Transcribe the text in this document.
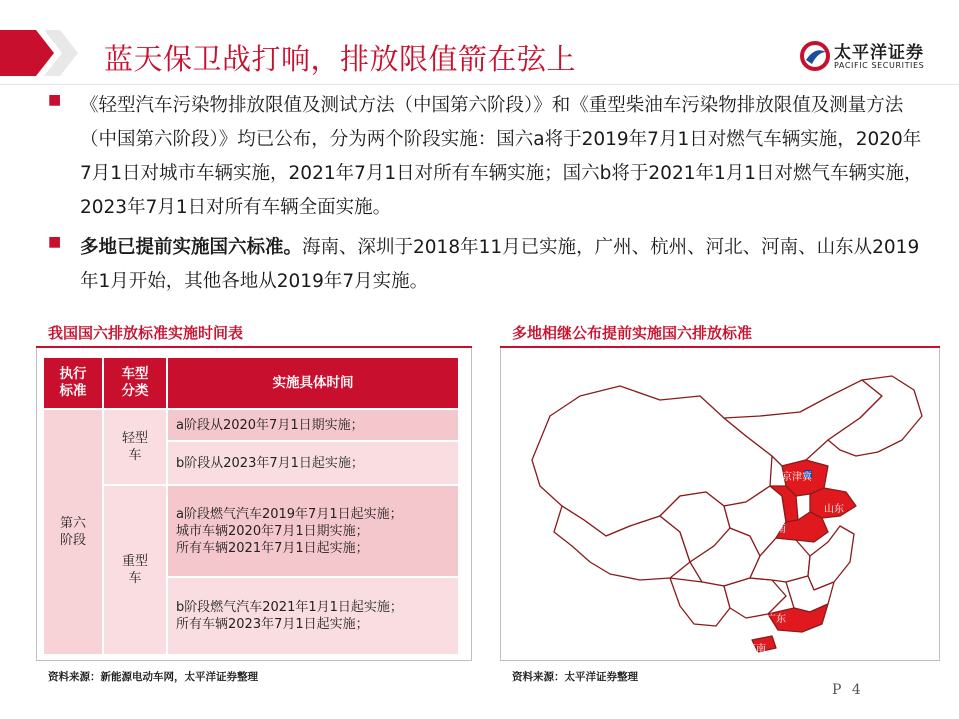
蓝天保卫战打响，排放限值箭在弦上	太平洋证券
PACIFIC SECURITIES
■ 《轻型汽车污染物排放限值及测试方法（中国第六阶段）》和《重型柴油车污染物排放限值及测量方法（中国第六阶段）》均已公布，分为两个阶段实施：国六a将于2019年7月1日对燃气车辆实施，2020年7月1日对城市车辆实施，2021年7月1日对所有车辆实施；国六b将于2021年1月1日对燃气车辆实施，2023年7月1日对所有车辆全面实施。
■ 多地已提前实施国六标准。海南、深圳于2018年11月已实施，广州、杭州、河北、河南、山东从2019年1月开始，其他各地从2019年7月实施。
我国国六排放标准实施时间表
执行标准
车型分类
实施具体时间
第六阶段
轻型车
重型车
a阶段从2020年7月1日期实施；
b阶段从2023年7月1日起实施；
a阶段燃气汽车2019年7月1日起实施；
城市车辆2020年7月1日期实施；
所有车辆2021年7月1日起实施；
b阶段燃气汽车2021年1月1日起实施；
所有车辆2023年7月1日起实施；
资料来源：新能源电动车网，太平洋证券整理
多地相继公布提前实施国六排放标准
京津冀
山西
山东
河南
广东
海南
资料来源：太平洋证券整理
P 4
